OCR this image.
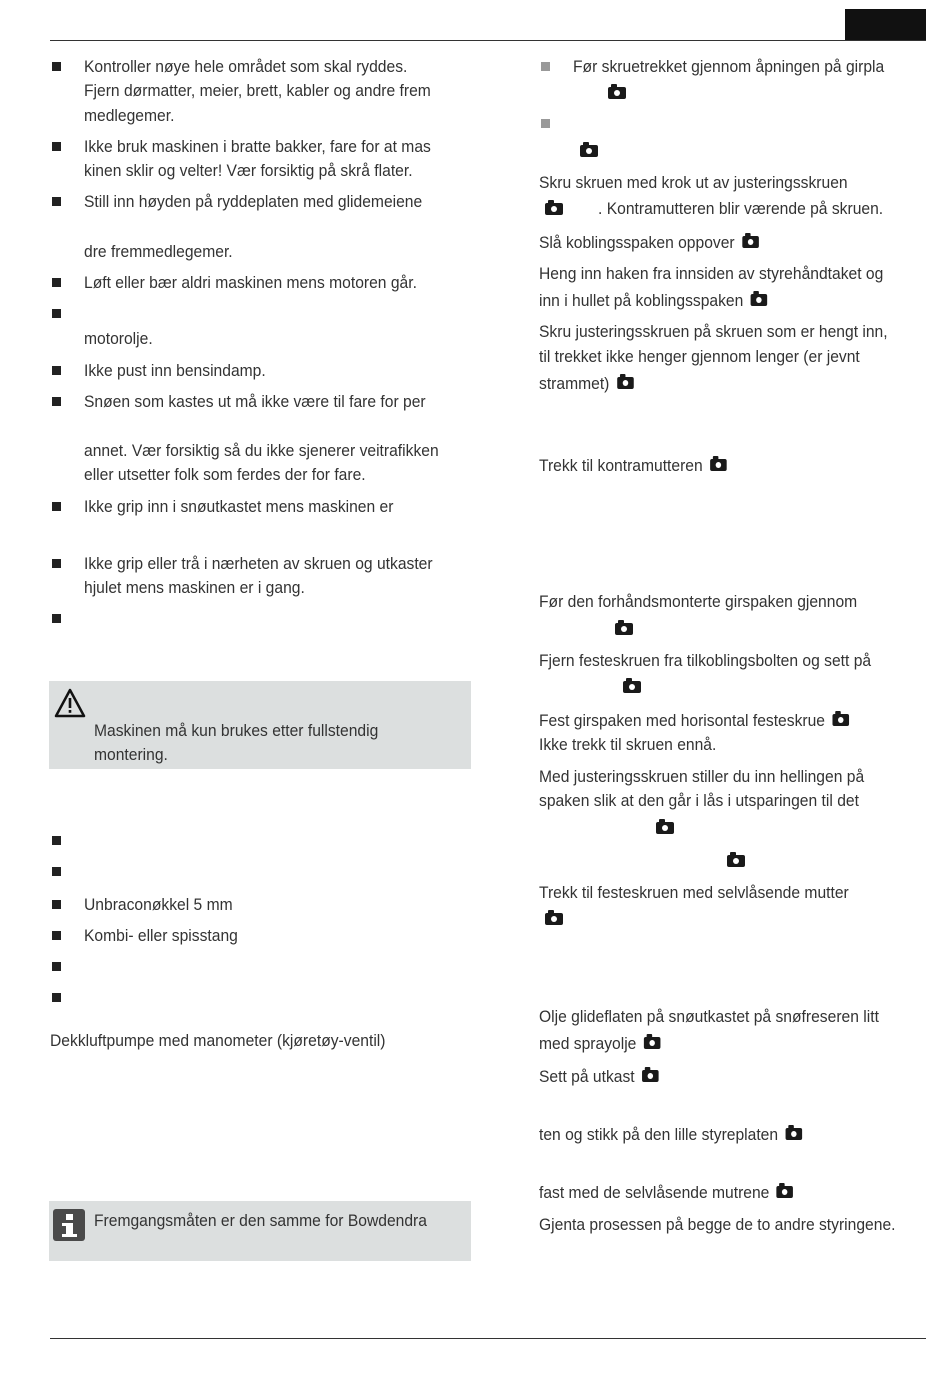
Kontroller nøye hele området som skal ryddes.
Fjern dørmatter, meier, brett, kabler og andre frem
medlegemer.
Ikke bruk maskinen i bratte bakker, fare for at mas
kinen sklir og velter! Vær forsiktig på skrå flater.
Still inn høyden på ryddeplaten med glidemeiene
dre fremmedlegemer.
Løft eller bær aldri maskinen mens motoren går.
motorolje.
Ikke pust inn bensindamp.
Snøen som kastes ut må ikke være til fare for per
annet. Vær forsiktig så du ikke sjenerer veitrafikken
eller utsetter folk som ferdes der for fare.
Ikke grip inn i snøutkastet mens maskinen er
Ikke grip eller trå i nærheten av skruen og utkaster
hjulet mens maskinen er i gang.
Maskinen må kun brukes etter fullstendig
montering.
Unbraconøkkel 5 mm
Kombi- eller spisstang
Dekkluftpumpe med manometer (kjøretøy-ventil)
Fremgangsmåten er den samme for Bowdendra
Før skruetrekket gjennom åpningen på girpla
Skru skruen med krok ut av justeringsskruen
. Kontramutteren blir værende på skruen.
Slå koblingsspaken oppover
Heng inn haken fra innsiden av styrehåndtaket og
inn i hullet på koblingsspaken
Skru justeringsskruen på skruen som er hengt inn,
til trekket ikke henger gjennom lenger (er jevnt
strammet)
Trekk til kontramutteren
Før den forhåndsmonterte girspaken gjennom
Fjern festeskruen fra tilkoblingsbolten og sett på
Fest girspaken med horisontal festeskrue
Ikke trekk til skruen ennå.
Med justeringsskruen stiller du inn hellingen på
spaken slik at den går i lås i utsparingen til det
Trekk til festeskruen med selvlåsende mutter
Olje glideflaten på snøutkastet på snøfreseren litt
med sprayolje
Sett på utkast
ten og stikk på den lille styreplaten
fast med de selvlåsende mutrene
Gjenta prosessen på begge de to andre styringene.
